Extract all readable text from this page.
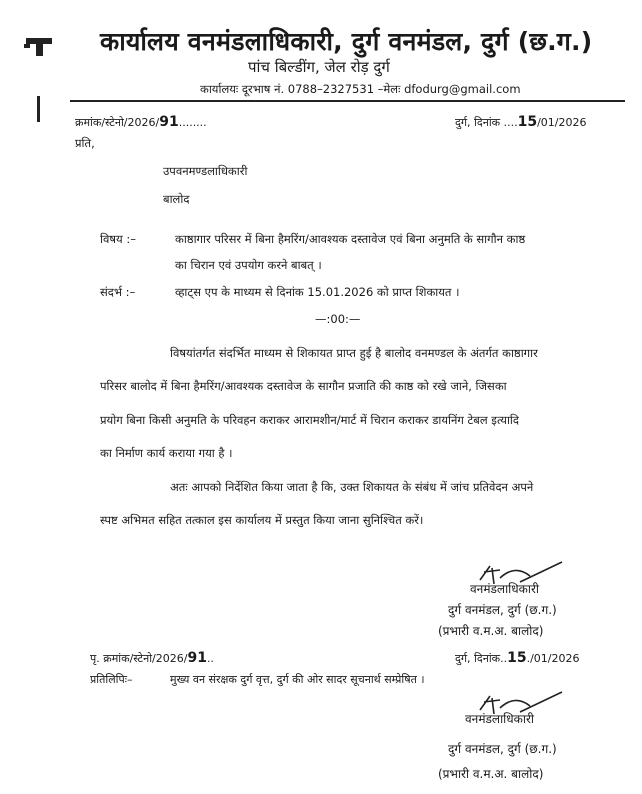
कार्यालय वनमंडलाधिकारी, दुर्ग वनमंडल, दुर्ग (छ.ग.)
पांच बिल्डींग, जेल रोड़ दुर्ग
कार्यालयः दूरभाष नं. 0788–2327531 –मेलः dfodurg@gmail.com
क्रमांक/स्टेनो/2026/91........	दुर्ग, दिनांक ....15/01/2026
प्रति,
उपवनमण्डलाधिकारी
बालोद
विषय :–	काष्ठागार परिसर में बिना हैमरिंग/आवश्यक दस्तावेज एवं बिना अनुमति के सागौन काष्ठ
का चिरान एवं उपयोग करने बाबत् ।
संदर्भ :–	व्हाट्स एप के माध्यम से दिनांक 15.01.2026 को प्राप्त शिकायत ।
—:00:—
विषयांतर्गत संदर्भित माध्यम से शिकायत प्राप्त हुई है बालोद वनमण्डल के अंतर्गत काष्ठागार
परिसर बालोद में बिना हैमरिंग/आवश्यक दस्तावेज के सागौन प्रजाति की काष्ठ को रखे जाने, जिसका
प्रयोग बिना किसी अनुमति के परिवहन कराकर आरामशीन/मार्ट में चिरान कराकर डायनिंग टेबल इत्यादि
का निर्माण कार्य कराया गया है ।
अतः आपको निर्देशित किया जाता है कि, उक्त शिकायत के संबंध में जांच प्रतिवेदन अपने
स्पष्ट अभिमत सहित तत्काल इस कार्यालय में प्रस्तुत किया जाना सुनिश्चित करें।
वनमंडलाधिकारी
दुर्ग वनमंडल, दुर्ग (छ.ग.)
(प्रभारी व.म.अ. बालोद)
पृ. क्रमांक/स्टेनो/2026/91..	दुर्ग, दिनांक..15./01/2026
प्रतिलिपिः–	मुख्य वन संरक्षक दुर्ग वृत्त, दुर्ग की ओर सादर सूचनार्थ सम्प्रेषित ।
वनमंडलाधिकारी
दुर्ग वनमंडल, दुर्ग (छ.ग.)
(प्रभारी व.म.अ. बालोद)
